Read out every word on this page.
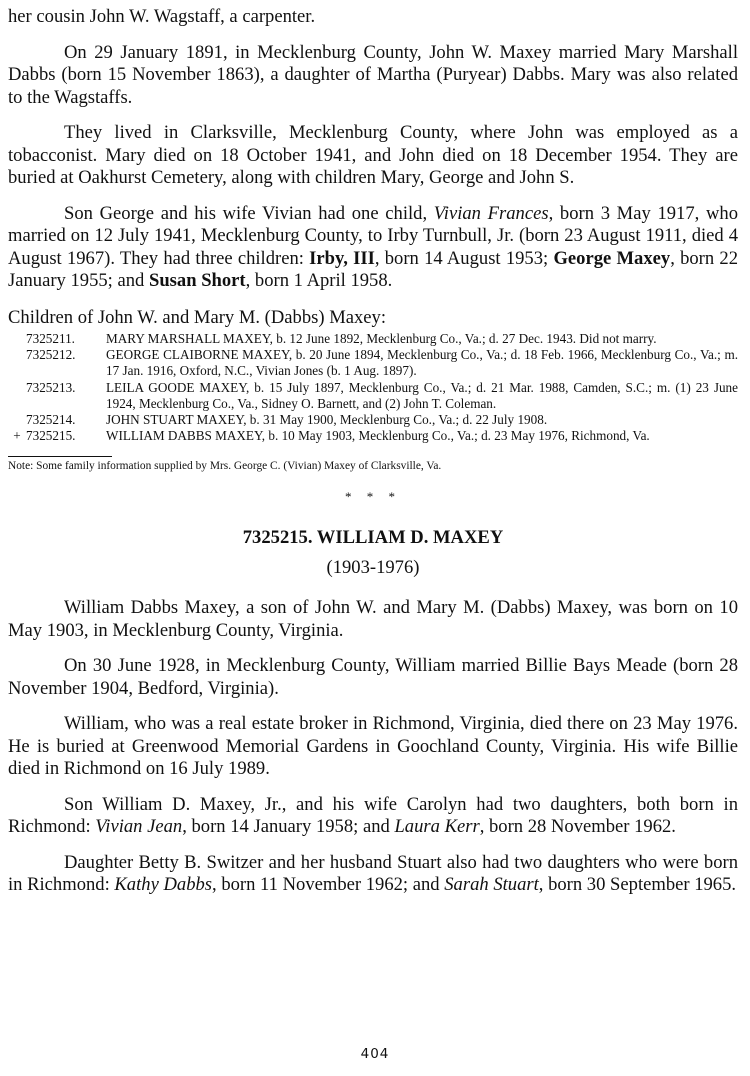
her cousin John W. Wagstaff, a carpenter.

On 29 January 1891, in Mecklenburg County, John W. Maxey married Mary Marshall Dabbs (born 15 November 1863), a daughter of Martha (Puryear) Dabbs. Mary was also related to the Wagstaffs.

They lived in Clarksville, Mecklenburg County, where John was employed as a tobacconist. Mary died on 18 October 1941, and John died on 18 December 1954. They are buried at Oakhurst Cemetery, along with children Mary, George and John S.

Son George and his wife Vivian had one child, Vivian Frances, born 3 May 1917, who married on 12 July 1941, Mecklenburg County, to Irby Turnbull, Jr. (born 23 August 1911, died 4 August 1967). They had three children: Irby, III, born 14 August 1953; George Maxey, born 22 January 1955; and Susan Short, born 1 April 1958.

Children of John W. and Mary M. (Dabbs) Maxey:
7325211.	MARY MARSHALL MAXEY, b. 12 June 1892, Mecklenburg Co., Va.; d. 27 Dec. 1943. Did not marry.
7325212.	GEORGE CLAIBORNE MAXEY, b. 20 June 1894, Mecklenburg Co., Va.; d. 18 Feb. 1966, Mecklenburg Co., Va.; m. 17 Jan. 1916, Oxford, N.C., Vivian Jones (b. 1 Aug. 1897).
7325213.	LEILA GOODE MAXEY, b. 15 July 1897, Mecklenburg Co., Va.; d. 21 Mar. 1988, Camden, S.C.; m. (1) 23 June 1924, Mecklenburg Co., Va., Sidney O. Barnett, and (2) John T. Coleman.
7325214.	JOHN STUART MAXEY, b. 31 May 1900, Mecklenburg Co., Va.; d. 22 July 1908.
+ 7325215.	WILLIAM DABBS MAXEY, b. 10 May 1903, Mecklenburg Co., Va.; d. 23 May 1976, Richmond, Va.
Note: Some family information supplied by Mrs. George C. (Vivian) Maxey of Clarksville, Va.
* * *
7325215. WILLIAM D. MAXEY
(1903-1976)

William Dabbs Maxey, a son of John W. and Mary M. (Dabbs) Maxey, was born on 10 May 1903, in Mecklenburg County, Virginia.

On 30 June 1928, in Mecklenburg County, William married Billie Bays Meade (born 28 November 1904, Bedford, Virginia).

William, who was a real estate broker in Richmond, Virginia, died there on 23 May 1976. He is buried at Greenwood Memorial Gardens in Goochland County, Virginia. His wife Billie died in Richmond on 16 July 1989.

Son William D. Maxey, Jr., and his wife Carolyn had two daughters, both born in Richmond: Vivian Jean, born 14 January 1958; and Laura Kerr, born 28 November 1962.

Daughter Betty B. Switzer and her husband Stuart also had two daughters who were born in Richmond: Kathy Dabbs, born 11 November 1962; and Sarah Stuart, born 30 September 1965.

404
